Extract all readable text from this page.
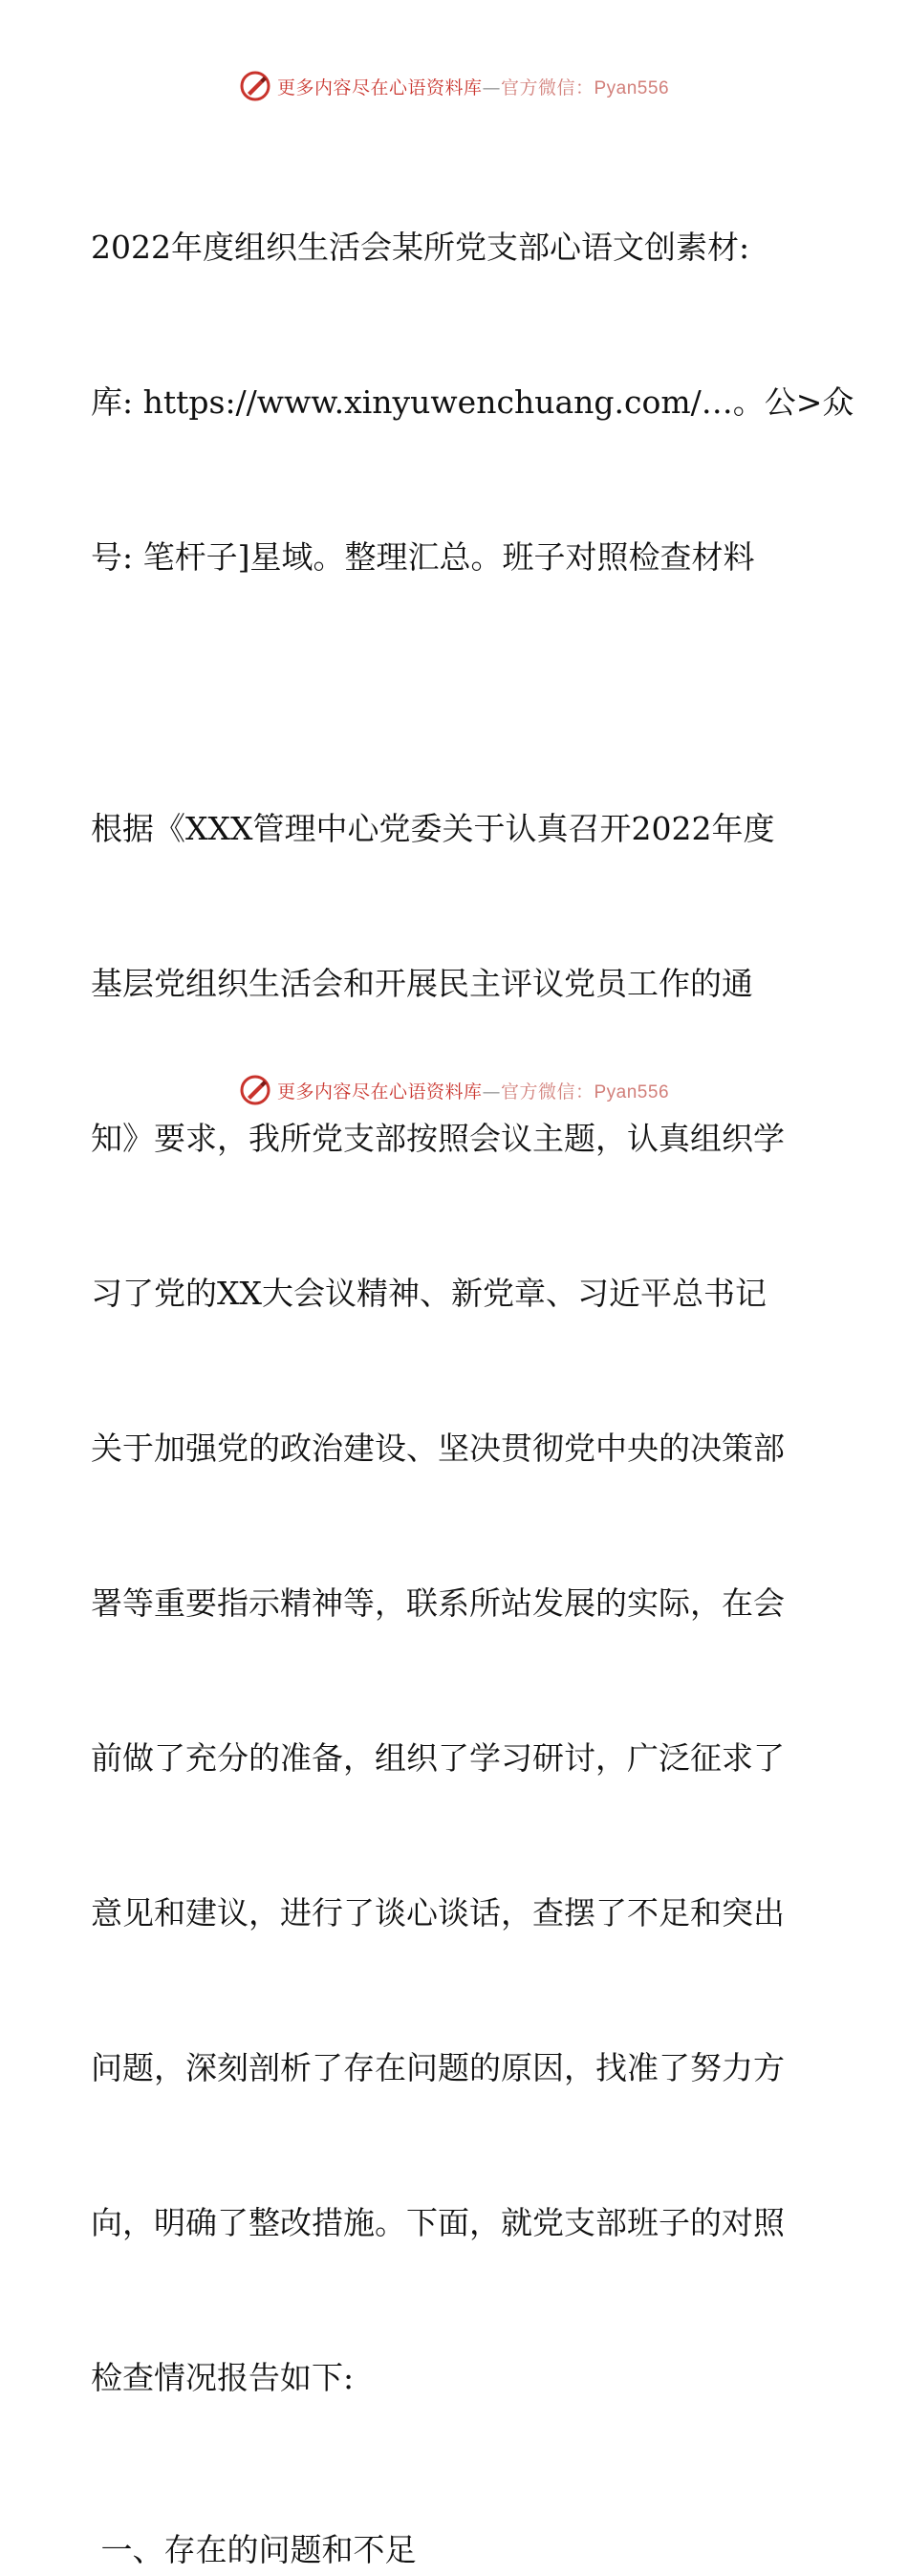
更多内容尽在心语资料库—官方微信：Pyan556

2022年度组织生活会某所党支部心语文创素材:

库: https://www.xinyuwenchuang.com/…。公>众

号: 笔杆子]星域。整理汇总。班子对照检查材料

根据《XXX管理中心党委关于认真召开2022年度

基层党组织生活会和开展民主评议党员工作的通

知》要求，我所党支部按照会议主题，认真组织学

习了党的XX大会议精神、新党章、习近平总书记

关于加强党的政治建设、坚决贯彻党中央的决策部

署等重要指示精神等，联系所站发展的实际，在会

前做了充分的准备，组织了学习研讨，广泛征求了

意见和建议，进行了谈心谈话，查摆了不足和突出

问题，深刻剖析了存在问题的原因，找准了努力方

向，明确了整改措施。下面，就党支部班子的对照

检查情况报告如下:

一、存在的问题和不足

更多内容尽在心语资料库—官方微信：Pyan556
